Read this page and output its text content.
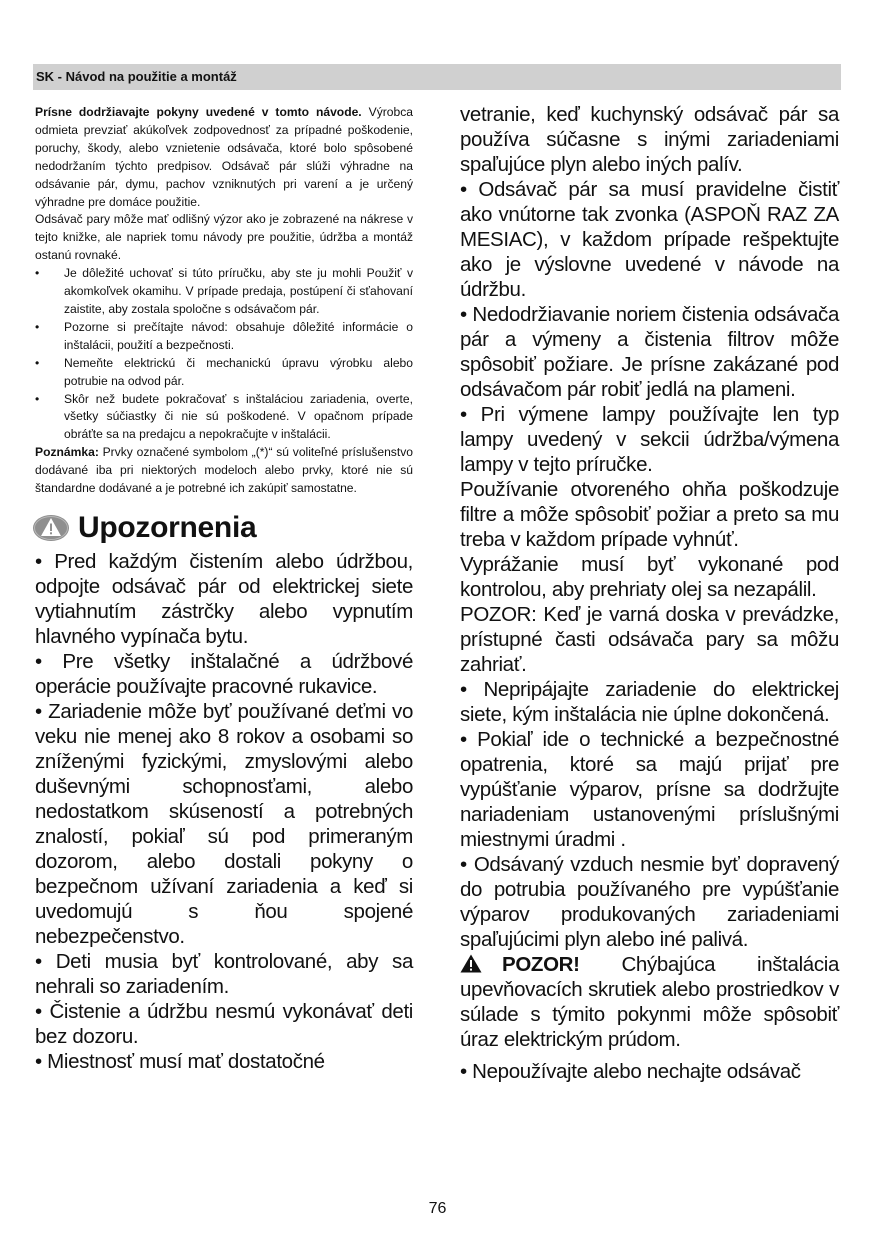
SK - Návod na použitie a montáž

Prísne dodržiavajte pokyny uvedené v tomto návode. Výrobca odmieta prevziať akúkoľvek zodpovednosť za prípadné poškodenie, poruchy, škody, alebo vznietenie odsávača, ktoré bolo spôsobené nedodržaním týchto predpisov. Odsávač pár slúži výhradne na odsávanie pár, dymu, pachov vzniknutých pri varení a je určený výhradne pre domáce použitie.

Odsávač pary môže mať odlišný výzor ako je zobrazené na nákrese v tejto knižke, ale napriek tomu návody pre použitie, údržba a montáž ostanú rovnaké.

• Je dôležité uchovať si túto príručku, aby ste ju mohli Použiť v akomkoľvek okamihu. V prípade predaja, postúpení či sťahovaní zaistite, aby zostala spoločne s odsávačom pár.
• Pozorne si prečítajte návod: obsahuje dôležité informácie o inštalácii, použití a bezpečnosti.
• Nemeňte elektrickú či mechanickú úpravu výrobku alebo potrubie na odvod pár.
• Skôr než budete pokračovať s inštaláciou zariadenia, overte, všetky súčiastky či nie sú poškodené. V opačnom prípade obráťte sa na predajcu a nepokračujte v inštalácii.

Poznámka: Prvky označené symbolom „(*)“ sú voliteľné príslušenstvo dodávané iba pri niektorých modeloch alebo prvky, ktoré nie sú štandardne dodávané a je potrebné ich zakúpiť samostatne.

Upozornenia

• Pred každým čistením alebo údržbou, odpojte odsávač pár od elektrickej siete vytiahnutím zástrčky alebo vypnutím hlavného vypínača bytu.

• Pre všetky inštalačné a údržbové operácie používajte pracovné rukavice.

• Zariadenie môže byť používané deťmi vo veku nie menej ako 8 rokov a osobami so zníženými fyzickými, zmyslovými alebo duševnými schopnosťami, alebo nedostatkom skúseností a potrebných znalostí, pokiaľ sú pod primeraným dozorom, alebo dostali pokyny o bezpečnom užívaní zariadenia a keď si uvedomujú s ňou spojené nebezpečenstvo.

• Deti musia byť kontrolované, aby sa nehrali so zariadením.

• Čistenie a údržbu nesmú vykonávať deti bez dozoru.

• Miestnosť musí mať dostatočné

vetranie, keď kuchynský odsávač pár sa používa súčasne s inými zariadeniami spaľujúce plyn alebo iných palív.

• Odsávač pár sa musí pravidelne čistiť ako vnútorne tak zvonka (ASPOŇ RAZ ZA MESIAC), v každom prípade rešpektujte ako je výslovne uvedené v návode na údržbu.

• Nedodržiavanie noriem čistenia odsávača pár a výmeny a čistenia filtrov môže spôsobiť požiare. Je prísne zakázané pod odsávačom pár robiť jedlá na plameni.

• Pri výmene lampy používajte len typ lampy uvedený v sekcii údržba/výmena lampy v tejto príručke.

Používanie otvoreného ohňa poškodzuje filtre a môže spôsobiť požiar a preto sa mu treba v každom prípade vyhnúť.

Vyprážanie musí byť vykonané pod kontrolou, aby prehriaty olej sa nezapálil.

POZOR: Keď je varná doska v prevádzke, prístupné časti odsávača pary sa môžu zahriať.

• Nepripájajte zariadenie do elektrickej siete, kým inštalácia nie úplne dokončená.

• Pokiaľ ide o technické a bezpečnostné opatrenia, ktoré sa majú prijať pre vypúšťanie výparov, prísne sa dodržujte nariadeniam ustanovenými príslušnými miestnymi úradmi .

• Odsávaný vzduch nesmie byť dopravený do potrubia používaného pre vypúšťanie výparov produkovaných zariadeniami spaľujúcimi plyn alebo iné palivá.

POZOR! Chýbajúca inštalácia upevňovacích skrutiek alebo prostriedkov v súlade s týmito pokynmi môže spôsobiť úraz elektrickým prúdom.

• Nepoužívajte alebo nechajte odsávač

76
